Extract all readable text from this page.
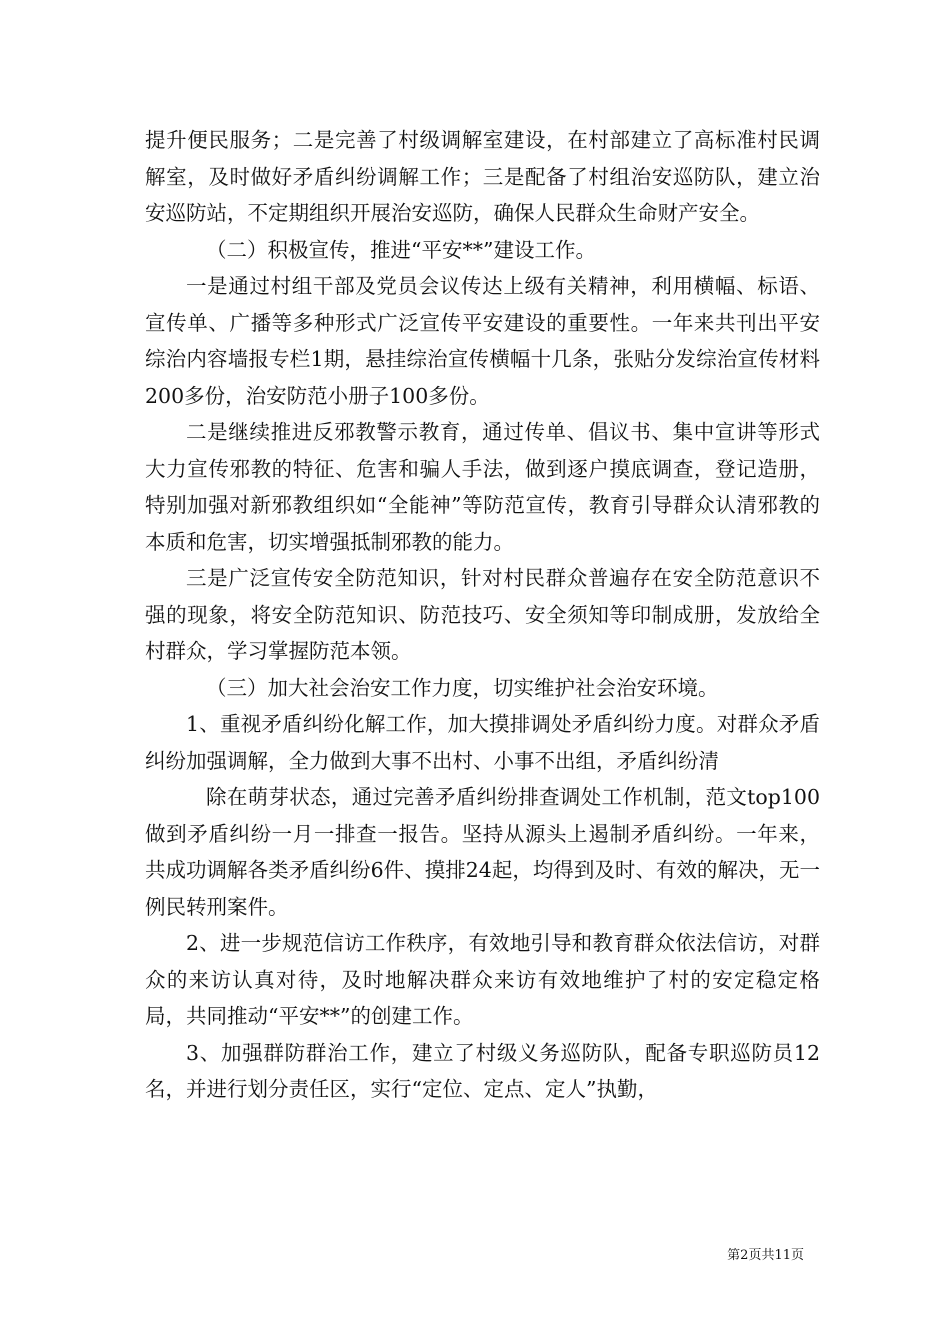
提升便民服务；二是完善了村级调解室建设，在村部建立了高标准村民调解室，及时做好矛盾纠纷调解工作；三是配备了村组治安巡防队，建立治安巡防站，不定期组织开展治安巡防，确保人民群众生命财产安全。

（二）积极宣传，推进“平安**”建设工作。

一是通过村组干部及党员会议传达上级有关精神，利用横幅、标语、宣传单、广播等多种形式广泛宣传平安建设的重要性。一年来共刊出平安综治内容墙报专栏1期，悬挂综治宣传横幅十几条，张贴分发综治宣传材料200多份，治安防范小册子100多份。

二是继续推进反邪教警示教育，通过传单、倡议书、集中宣讲等形式大力宣传邪教的特征、危害和骗人手法，做到逐户摸底调查，登记造册，特别加强对新邪教组织如“全能神”等防范宣传，教育引导群众认清邪教的本质和危害，切实增强抵制邪教的能力。

三是广泛宣传安全防范知识，针对村民群众普遍存在安全防范意识不强的现象，将安全防范知识、防范技巧、安全须知等印制成册，发放给全村群众，学习掌握防范本领。

（三）加大社会治安工作力度，切实维护社会治安环境。

1、重视矛盾纠纷化解工作，加大摸排调处矛盾纠纷力度。对群众矛盾纠纷加强调解，全力做到大事不出村、小事不出组，矛盾纠纷清

除在萌芽状态，通过完善矛盾纠纷排查调处工作机制，范文top100做到矛盾纠纷一月一排查一报告。坚持从源头上遏制矛盾纠纷。一年来，共成功调解各类矛盾纠纷6件、摸排24起，均得到及时、有效的解决，无一例民转刑案件。

2、进一步规范信访工作秩序，有效地引导和教育群众依法信访，对群众的来访认真对待，及时地解决群众来访有效地维护了村的安定稳定格局，共同推动“平安**”的创建工作。

3、加强群防群治工作，建立了村级义务巡防队，配备专职巡防员12名，并进行划分责任区，实行“定位、定点、定人”执勤，

第2页共11页
